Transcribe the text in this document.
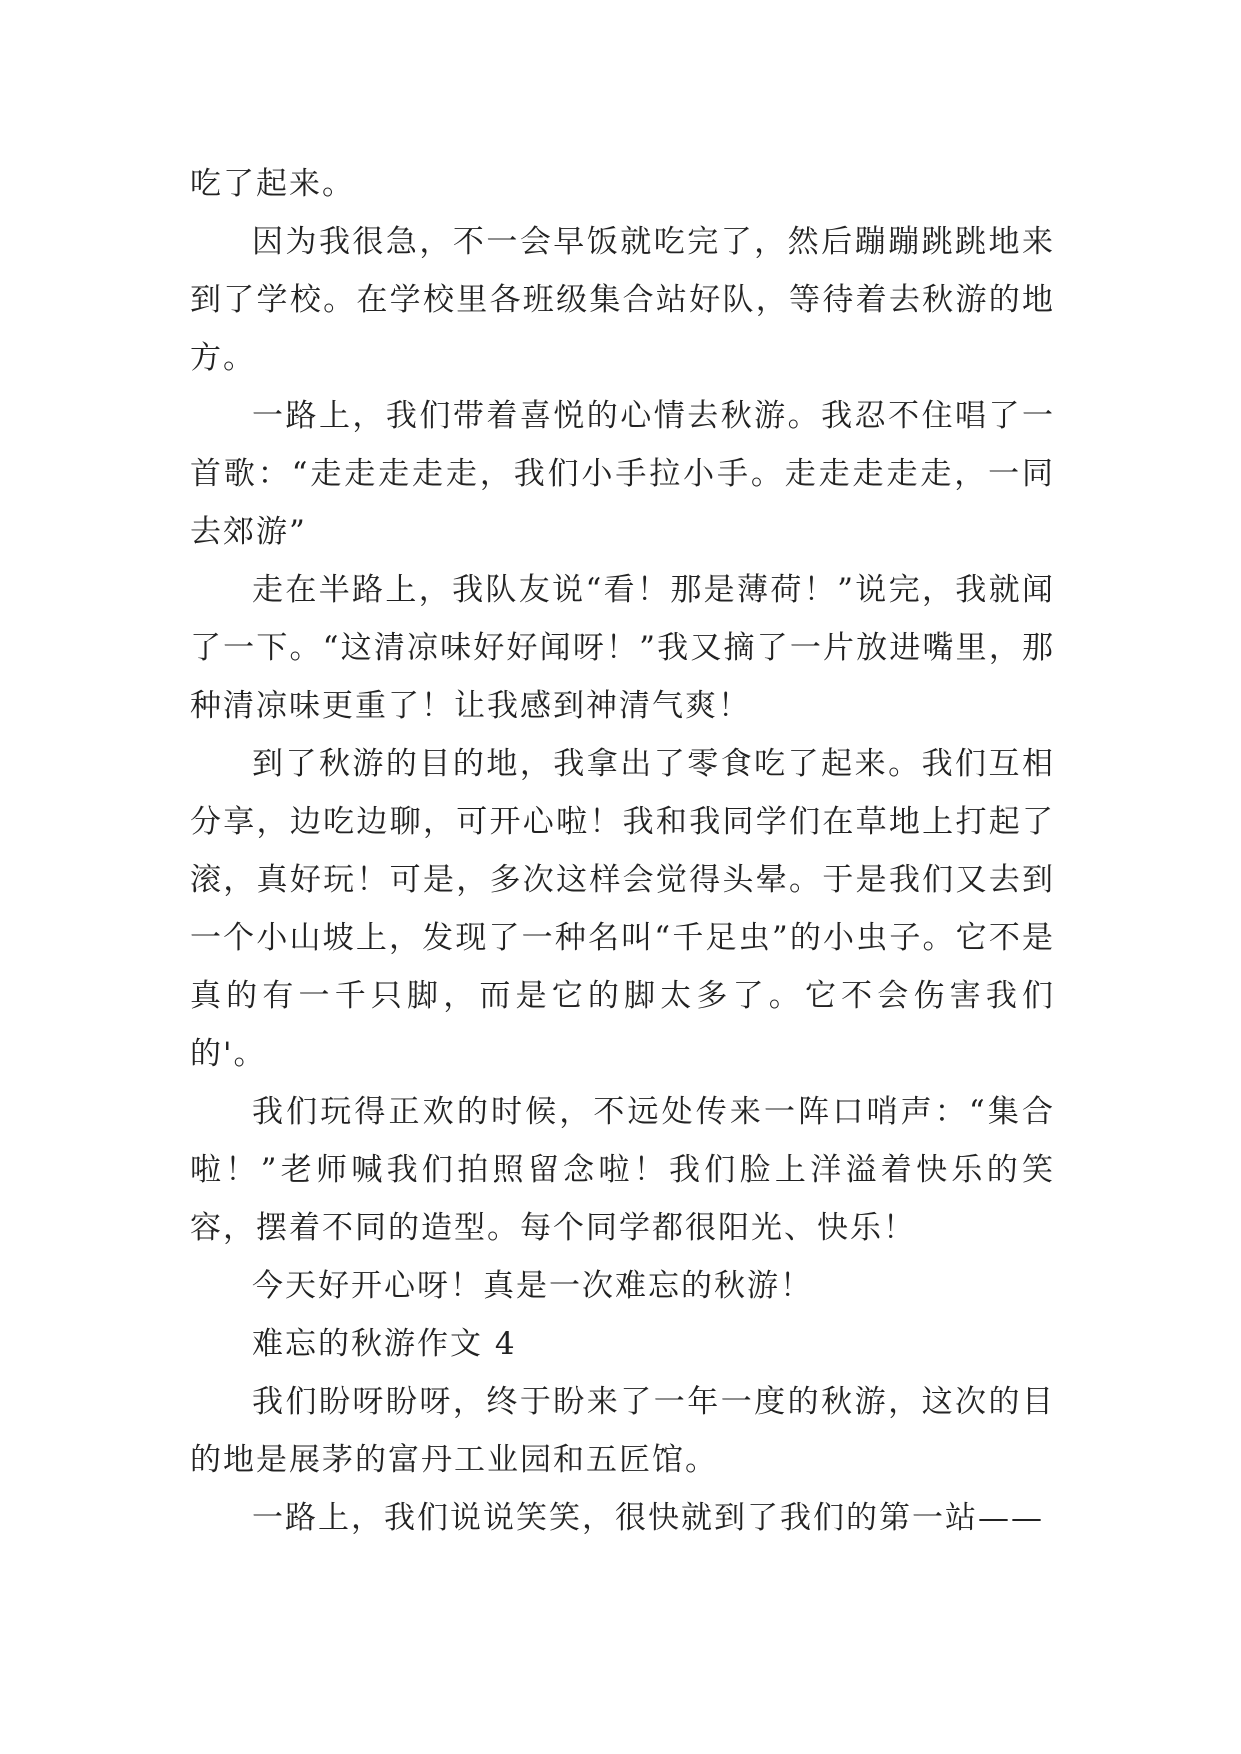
吃了起来。

因为我很急，不一会早饭就吃完了，然后蹦蹦跳跳地来到了学校。在学校里各班级集合站好队，等待着去秋游的地方。

一路上，我们带着喜悦的心情去秋游。我忍不住唱了一首歌：“走走走走走，我们小手拉小手。走走走走走，一同去郊游”

走在半路上，我队友说“看！那是薄荷！”说完，我就闻了一下。“这清凉味好好闻呀！”我又摘了一片放进嘴里，那种清凉味更重了！让我感到神清气爽！

到了秋游的目的地，我拿出了零食吃了起来。我们互相分享，边吃边聊，可开心啦！我和我同学们在草地上打起了滚，真好玩！可是，多次这样会觉得头晕。于是我们又去到一个小山坡上，发现了一种名叫“千足虫”的小虫子。它不是真的有一千只脚，而是它的脚太多了。它不会伤害我们的'。

我们玩得正欢的时候，不远处传来一阵口哨声：“集合啦！”老师喊我们拍照留念啦！我们脸上洋溢着快乐的笑容，摆着不同的造型。每个同学都很阳光、快乐！

今天好开心呀！真是一次难忘的秋游！

难忘的秋游作文 4

我们盼呀盼呀，终于盼来了一年一度的秋游，这次的目的地是展茅的富丹工业园和五匠馆。

一路上，我们说说笑笑，很快就到了我们的第一站——
